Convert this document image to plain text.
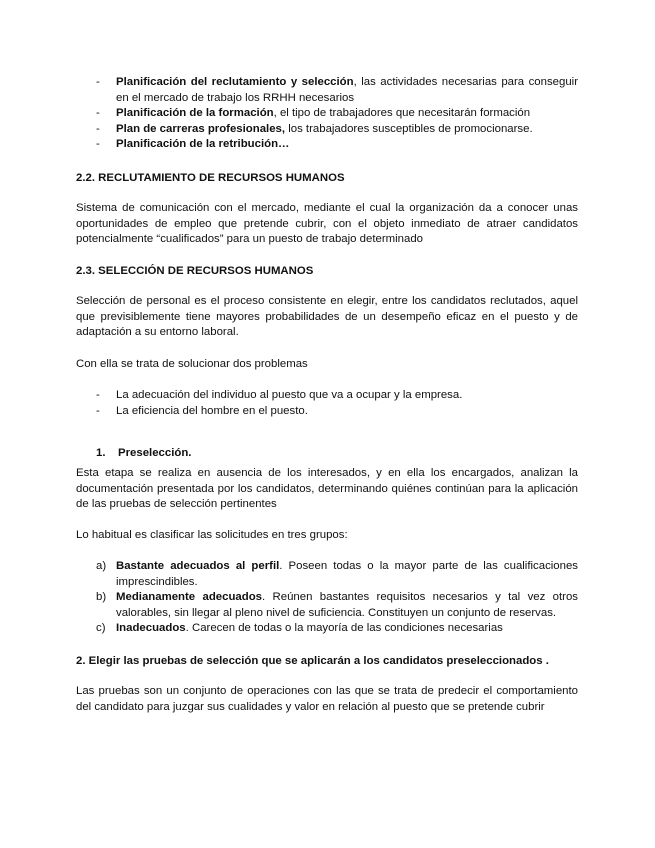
- Planificación del reclutamiento y selección, las actividades necesarias para conseguir en el mercado de trabajo los RRHH necesarios
- Planificación de la formación, el tipo de trabajadores que necesitarán formación
- Plan de carreras profesionales, los trabajadores susceptibles de promocionarse.
- Planificación de la retribución…

2.2. RECLUTAMIENTO DE RECURSOS HUMANOS

Sistema de comunicación con el mercado, mediante el cual la organización da a conocer unas oportunidades de empleo que pretende cubrir, con el objeto inmediato de atraer candidatos potencialmente “cualificados” para un puesto de trabajo determinado

2.3. SELECCIÓN DE RECURSOS HUMANOS

Selección de personal es el proceso consistente en elegir, entre los candidatos reclutados, aquel que previsiblemente tiene mayores probabilidades de un desempeño eficaz en el puesto y de adaptación a su entorno laboral.

Con ella se trata de solucionar dos problemas

- La adecuación del individuo al puesto que va a ocupar y la empresa.
- La eficiencia del hombre en el puesto.

1. Preselección.

Esta etapa se realiza en ausencia de los interesados, y en ella los encargados, analizan la documentación presentada por los candidatos, determinando quiénes continúan para la aplicación de las pruebas de selección pertinentes

Lo habitual es clasificar las solicitudes en tres grupos:

a) Bastante adecuados al perfil. Poseen todas o la mayor parte de las cualificaciones imprescindibles.
b) Medianamente adecuados. Reúnen bastantes requisitos necesarios y tal vez otros valorables, sin llegar al pleno nivel de suficiencia. Constituyen un conjunto de reservas.
c) Inadecuados. Carecen de todas o la mayoría de las condiciones necesarias

2. Elegir las pruebas de selección que se aplicarán a los candidatos preseleccionados .

Las pruebas son un conjunto de operaciones con las que se trata de predecir el comportamiento del candidato para juzgar sus cualidades y valor en relación al puesto que se pretende cubrir
